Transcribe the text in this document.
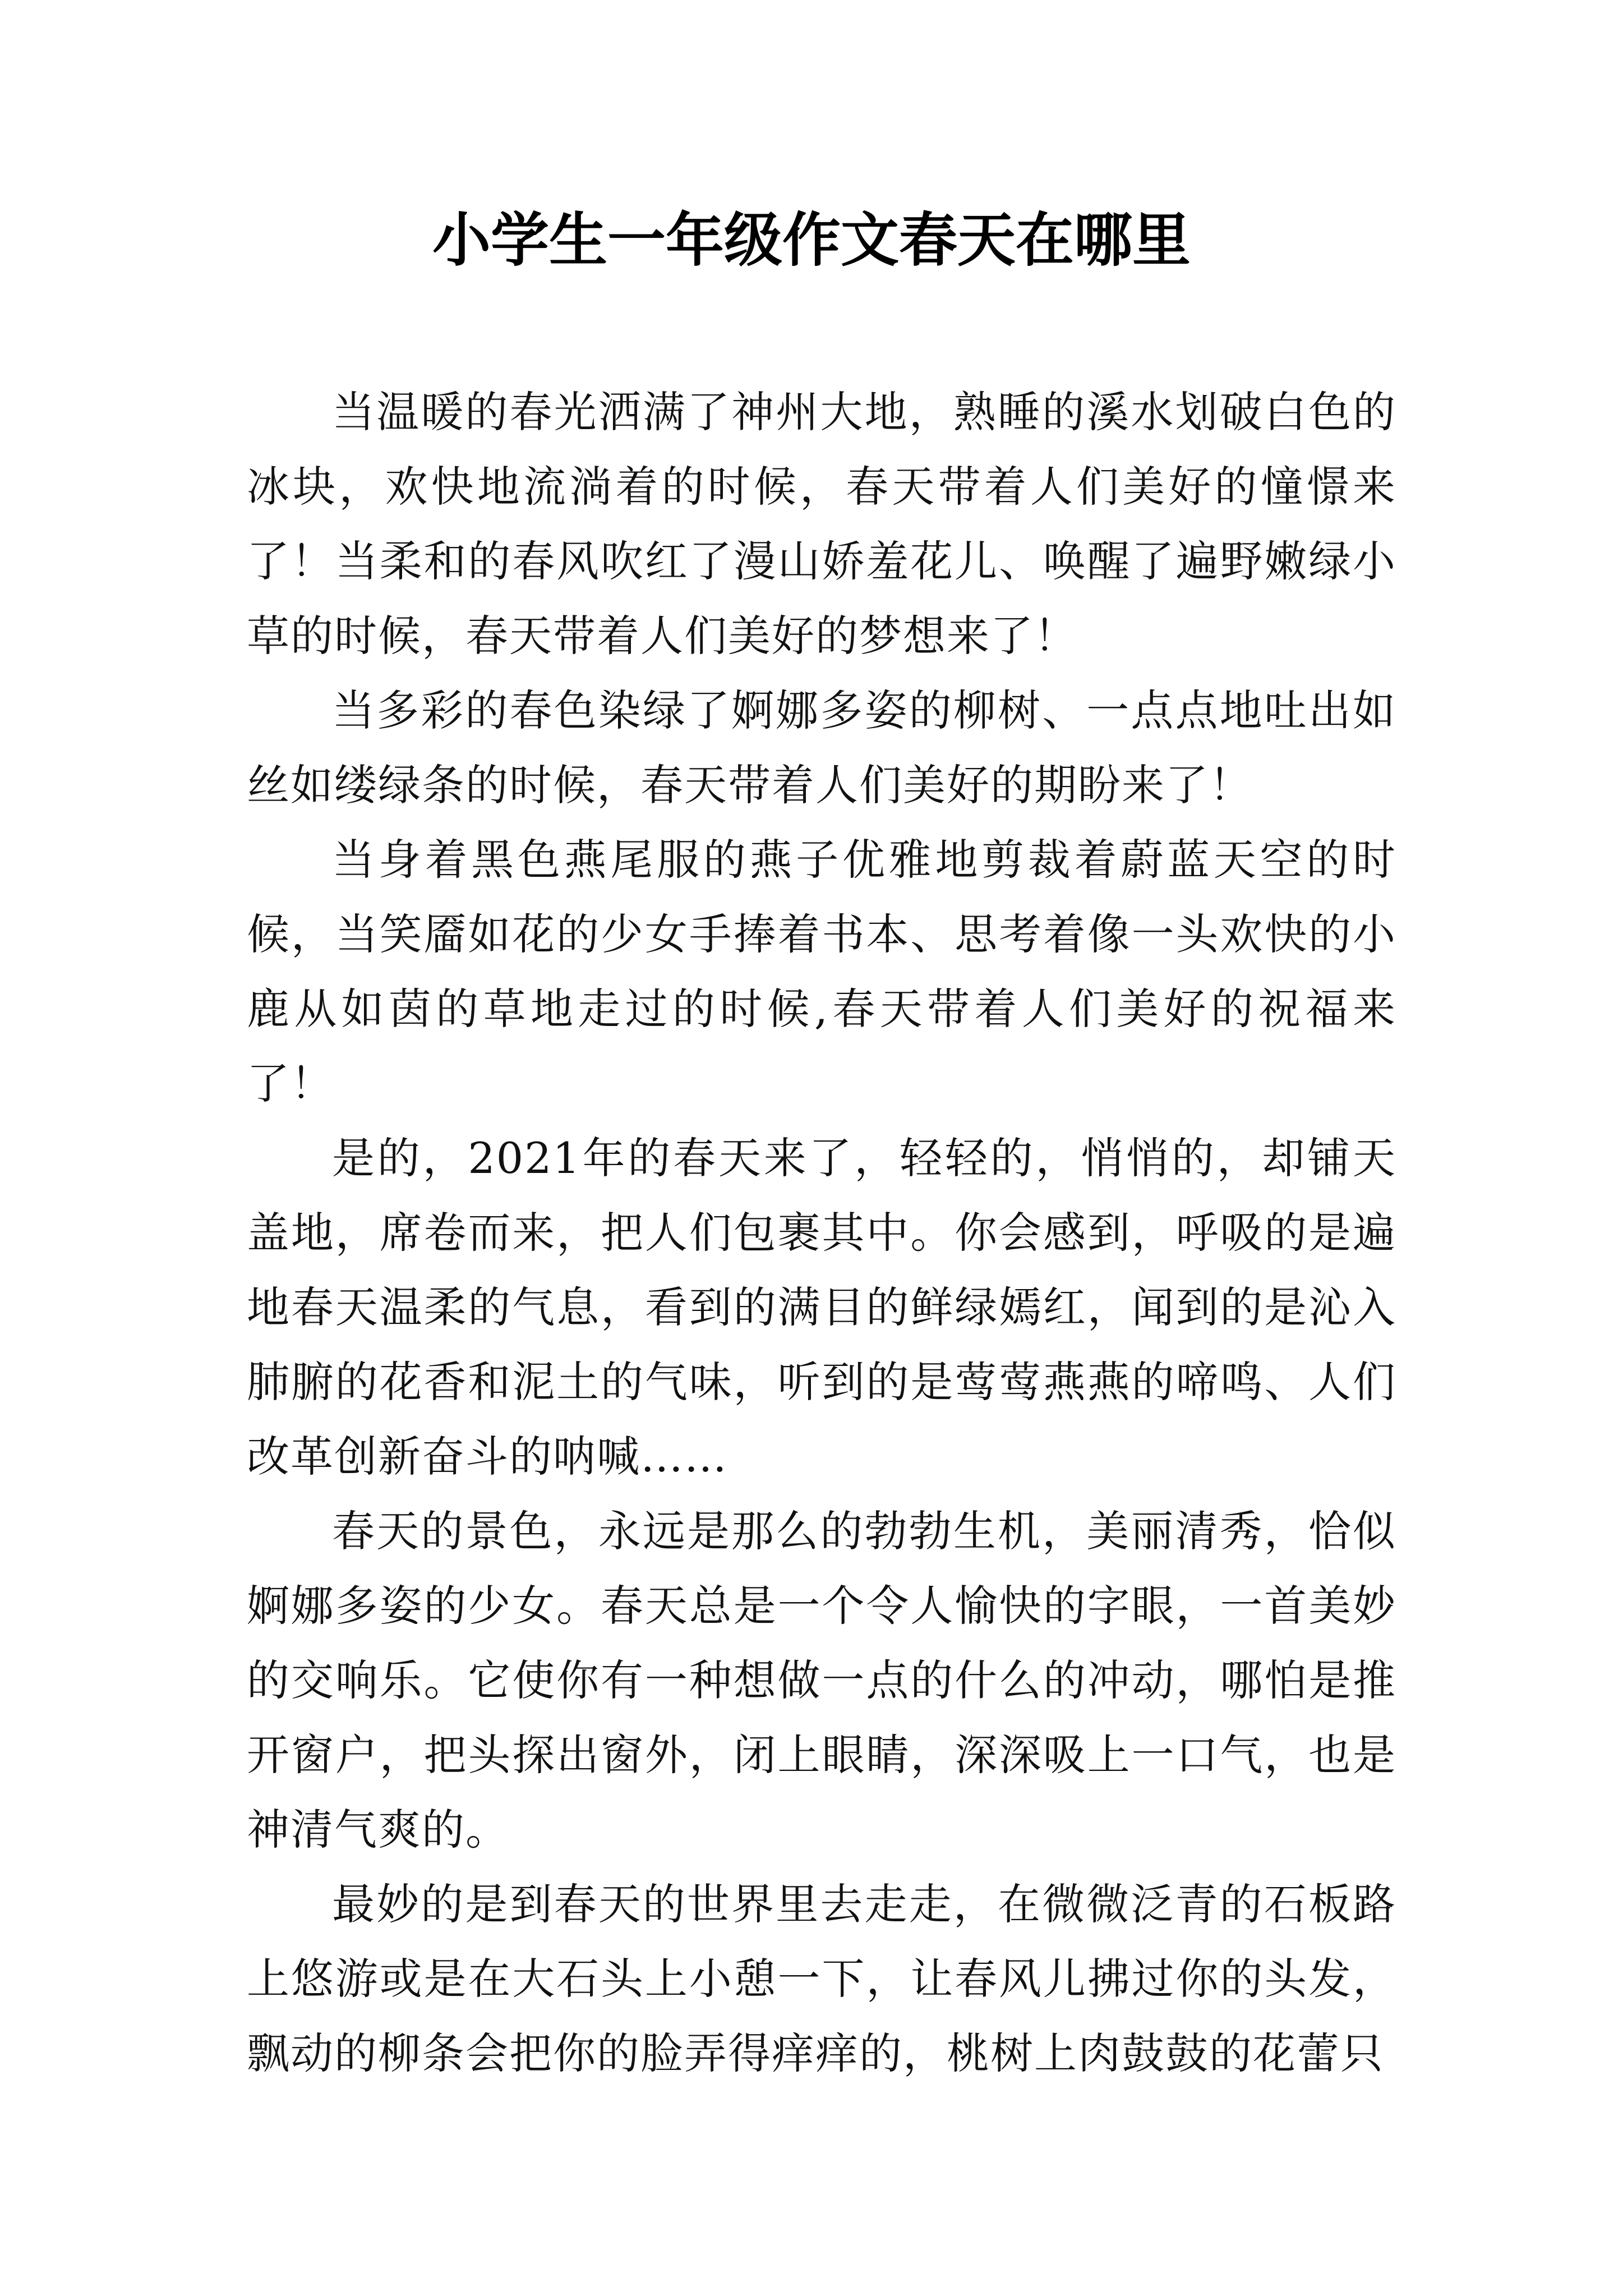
小学生一年级作文春天在哪里

当温暖的春光洒满了神州大地，熟睡的溪水划破白色的冰块，欢快地流淌着的时候，春天带着人们美好的憧憬来了！当柔和的春风吹红了漫山娇羞花儿、唤醒了遍野嫩绿小草的时候，春天带着人们美好的梦想来了！

当多彩的春色染绿了婀娜多姿的柳树、一点点地吐出如丝如缕绿条的时候，春天带着人们美好的期盼来了！

当身着黑色燕尾服的燕子优雅地剪裁着蔚蓝天空的时候，当笑靥如花的少女手捧着书本、思考着像一头欢快的小鹿从如茵的草地走过的时候,春天带着人们美好的祝福来了！

是的，2021年的春天来了，轻轻的，悄悄的，却铺天盖地，席卷而来，把人们包裹其中。你会感到，呼吸的是遍地春天温柔的气息，看到的满目的鲜绿嫣红，闻到的是沁入肺腑的花香和泥土的气味，听到的是莺莺燕燕的啼鸣、人们改革创新奋斗的呐喊……

春天的景色，永远是那么的勃勃生机，美丽清秀，恰似婀娜多姿的少女。春天总是一个令人愉快的字眼，一首美妙的交响乐。它使你有一种想做一点的什么的冲动，哪怕是推开窗户，把头探出窗外，闭上眼睛，深深吸上一口气，也是神清气爽的。

最妙的是到春天的世界里去走走，在微微泛青的石板路上悠游或是在大石头上小憩一下，让春风儿拂过你的头发，飘动的柳条会把你的脸弄得痒痒的，桃树上肉鼓鼓的花蕾只
